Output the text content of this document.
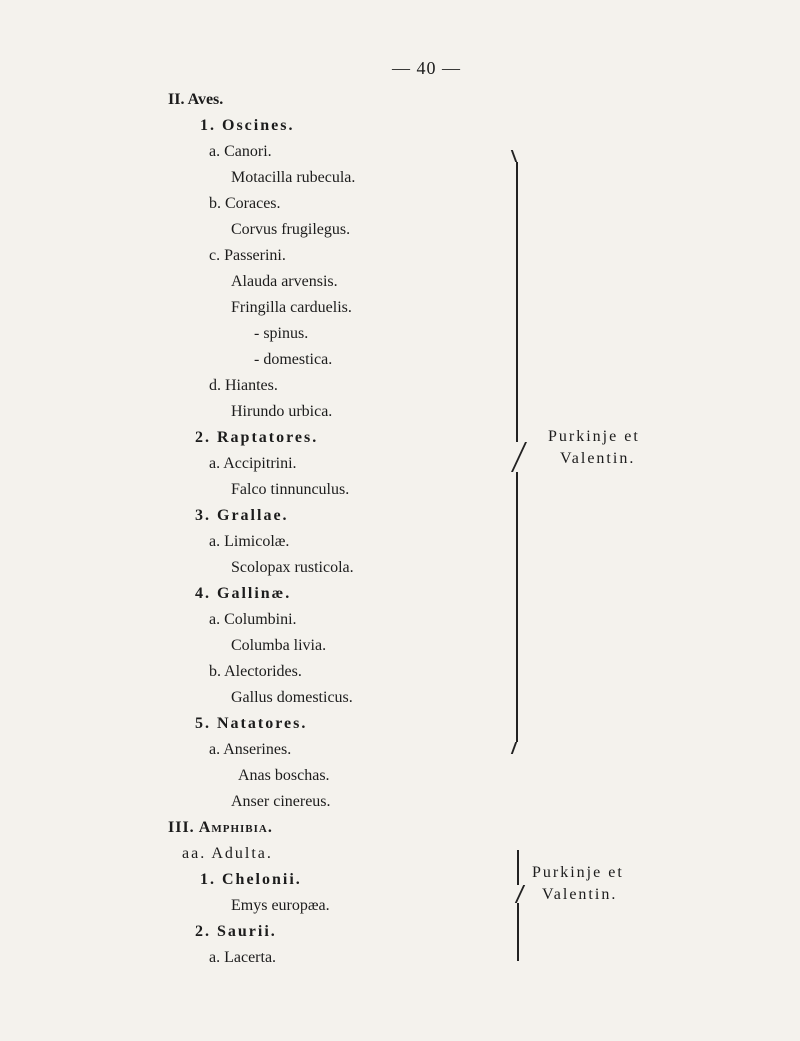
— 40 —
II. Aves.
1. Oscines.
a. Canori.
Motacilla rubecula.
b. Coraces.
Corvus frugilegus.
c. Passerini.
Alauda arvensis.
Fringilla carduelis.
- spinus.
- domestica.
d. Hiantes.
Hirundo urbica.
2. Raptatores.
a. Accipitrini.
Falco tinnunculus.
3. Grallae.
a. Limicolæ.
Scolopax rusticola.
4. Gallinæ.
a. Columbini.
Columba livia.
b. Alectorides.
Gallus domesticus.
5. Natatores.
a. Anserines.
Anas boschas.
Anser cinereus.
III. Amphibia.
aa. Adulta.
1. Chelonii.
Emys europæa.
2. Saurii.
a. Lacerta.
Purkinje et
Valentin.
Purkinje et
Valentin.
